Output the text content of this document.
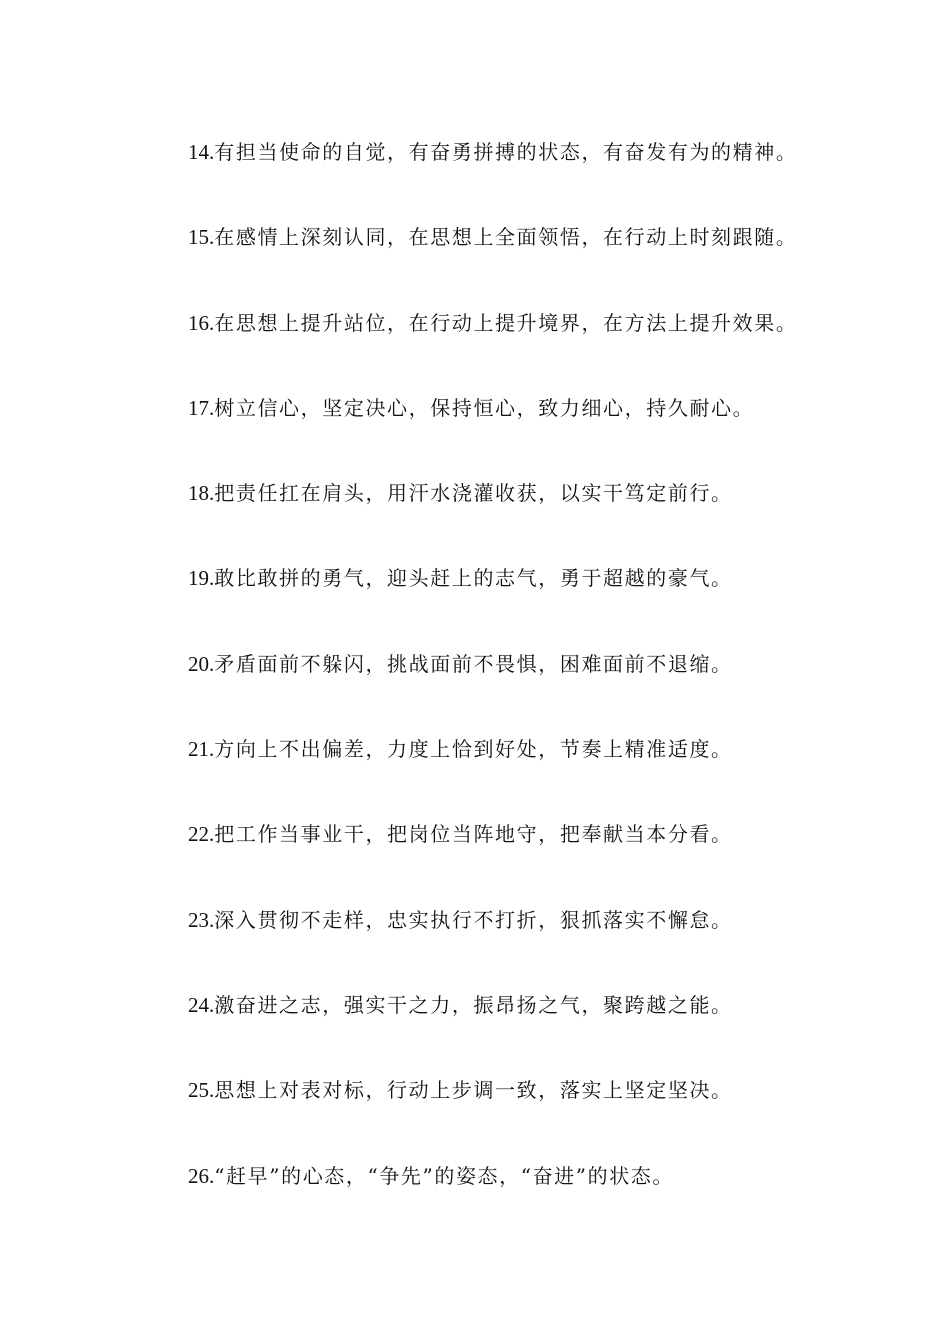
14.有担当使命的自觉，有奋勇拼搏的状态，有奋发有为的精神。
15.在感情上深刻认同，在思想上全面领悟，在行动上时刻跟随。
16.在思想上提升站位，在行动上提升境界，在方法上提升效果。
17.树立信心，坚定决心，保持恒心，致力细心，持久耐心。
18.把责任扛在肩头，用汗水浇灌收获，以实干笃定前行。
19.敢比敢拼的勇气，迎头赶上的志气，勇于超越的豪气。
20.矛盾面前不躲闪，挑战面前不畏惧，困难面前不退缩。
21.方向上不出偏差，力度上恰到好处，节奏上精准适度。
22.把工作当事业干，把岗位当阵地守，把奉献当本分看。
23.深入贯彻不走样，忠实执行不打折，狠抓落实不懈怠。
24.激奋进之志，强实干之力，振昂扬之气，聚跨越之能。
25.思想上对表对标，行动上步调一致，落实上坚定坚决。
26.“赶早”的心态，“争先”的姿态，“奋进”的状态。
